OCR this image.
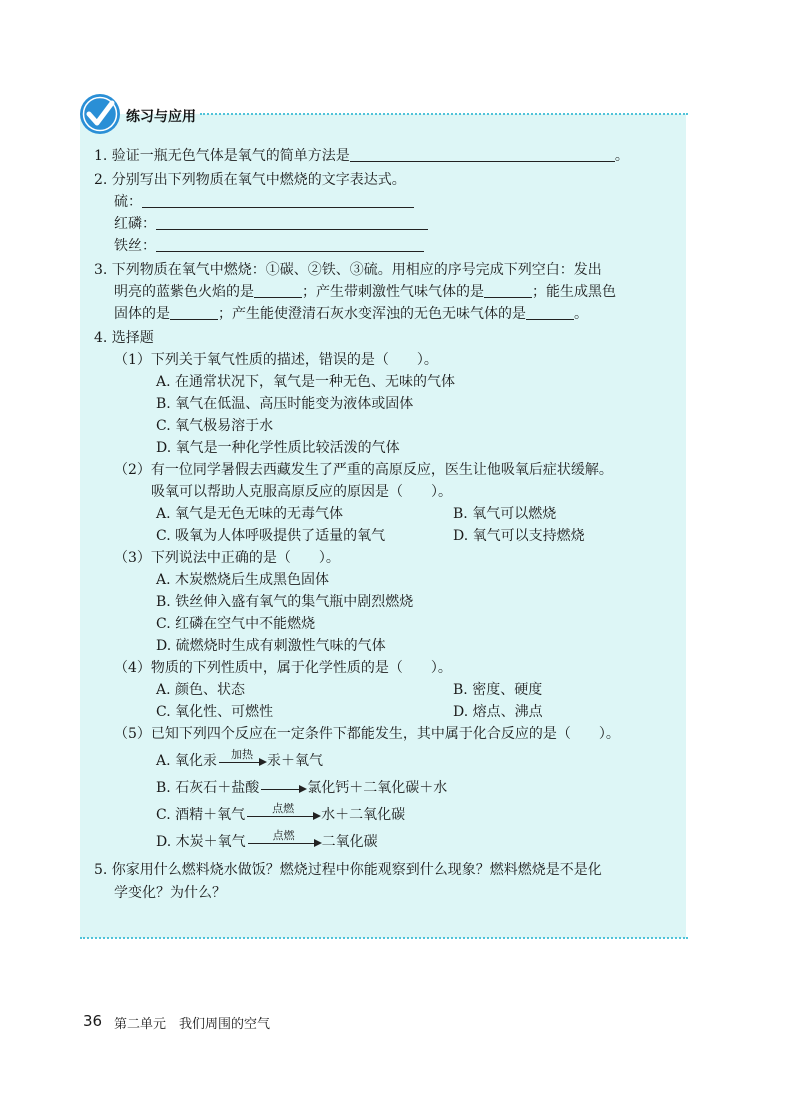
练习与应用
1. 验证一瓶无色气体是氧气的简单方法是	。
2. 分别写出下列物质在氧气中燃烧的文字表达式。
硫：
红磷：
铁丝：
3. 下列物质在氧气中燃烧：①碳、②铁、③硫。用相应的序号完成下列空白：发出
明亮的蓝紫色火焰的是	；产生带刺激性气味气体的是	；能生成黑色
固体的是	；产生能使澄清石灰水变浑浊的无色无味气体的是	。
4. 选择题
（1）下列关于氧气性质的描述，错误的是（　　）。
A. 在通常状况下，氧气是一种无色、无味的气体
B. 氧气在低温、高压时能变为液体或固体
C. 氧气极易溶于水
D. 氧气是一种化学性质比较活泼的气体
（2）有一位同学暑假去西藏发生了严重的高原反应，医生让他吸氧后症状缓解。
吸氧可以帮助人克服高原反应的原因是（　　）。
A. 氧气是无色无味的无毒气体	B. 氧气可以燃烧
C. 吸氧为人体呼吸提供了适量的氧气	D. 氧气可以支持燃烧
（3）下列说法中正确的是（　　）。
A. 木炭燃烧后生成黑色固体
B. 铁丝伸入盛有氧气的集气瓶中剧烈燃烧
C. 红磷在空气中不能燃烧
D. 硫燃烧时生成有刺激性气味的气体
（4）物质的下列性质中，属于化学性质的是（　　）。
A. 颜色、状态	B. 密度、硬度
C. 氧化性、可燃性	D. 熔点、沸点
（5）已知下列四个反应在一定条件下都能发生，其中属于化合反应的是（　　）。
A. 氧化汞	加热	汞＋氧气
B. 石灰石＋盐酸	氯化钙＋二氧化碳＋水
C. 酒精＋氧气	点燃	水＋二氧化碳
D. 木炭＋氧气	点燃	二氧化碳
5. 你家用什么燃料烧水做饭？燃烧过程中你能观察到什么现象？燃料燃烧是不是化
学变化？为什么？
36 第二单元　我们周围的空气
